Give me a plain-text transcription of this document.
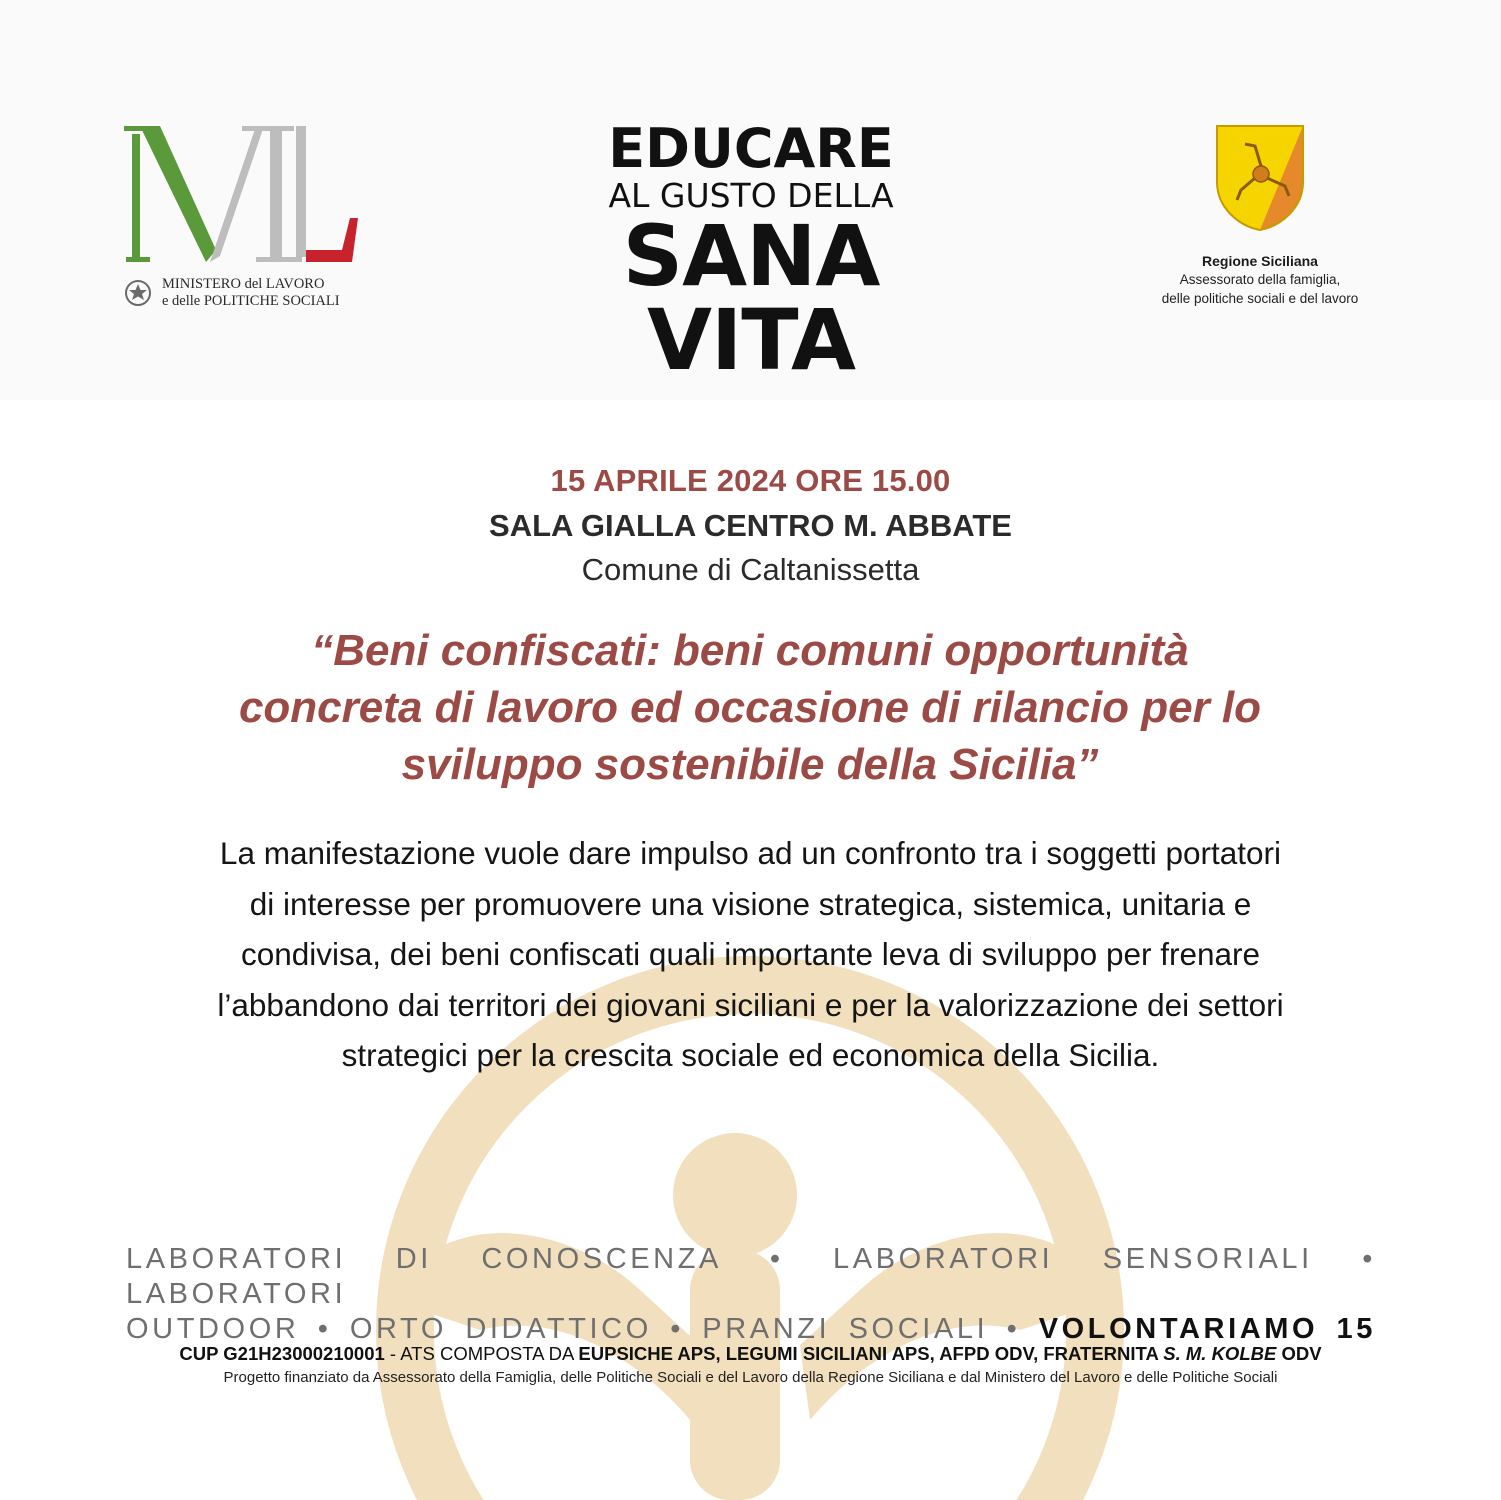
MINISTERO del LAVORO
e delle POLITICHE SOCIALI
EDUCARE
AL GUSTO DELLA
SANA
VITA
Regione Siciliana
Assessorato della famiglia,
delle politiche sociali e del lavoro
15 APRILE 2024 ORE 15.00
SALA GIALLA CENTRO M. ABBATE
Comune di Caltanissetta
“Beni confiscati: beni comuni opportunità
concreta di lavoro ed occasione di rilancio per lo
sviluppo sostenibile della Sicilia”
La manifestazione vuole dare impulso ad un confronto tra i soggetti portatori
di interesse per promuovere una visione strategica, sistemica, unitaria e
condivisa, dei beni confiscati quali importante leva di sviluppo per frenare
l’abbandono dai territori dei giovani siciliani e per la valorizzazione dei settori
strategici per la crescita sociale ed economica della Sicilia.
LABORATORI DI CONOSCENZA • LABORATORI SENSORIALI • LABORATORI
OUTDOOR • ORTO DIDATTICO • PRANZI SOCIALI • VOLONTARIAMO 15
CUP G21H23000210001 - ATS COMPOSTA DA EUPSICHE APS, LEGUMI SICILIANI APS, AFPD ODV, FRATERNITA S. M. KOLBE ODV
Progetto finanziato da Assessorato della Famiglia, delle Politiche Sociali e del Lavoro della Regione Siciliana e dal Ministero del Lavoro e delle Politiche Sociali
